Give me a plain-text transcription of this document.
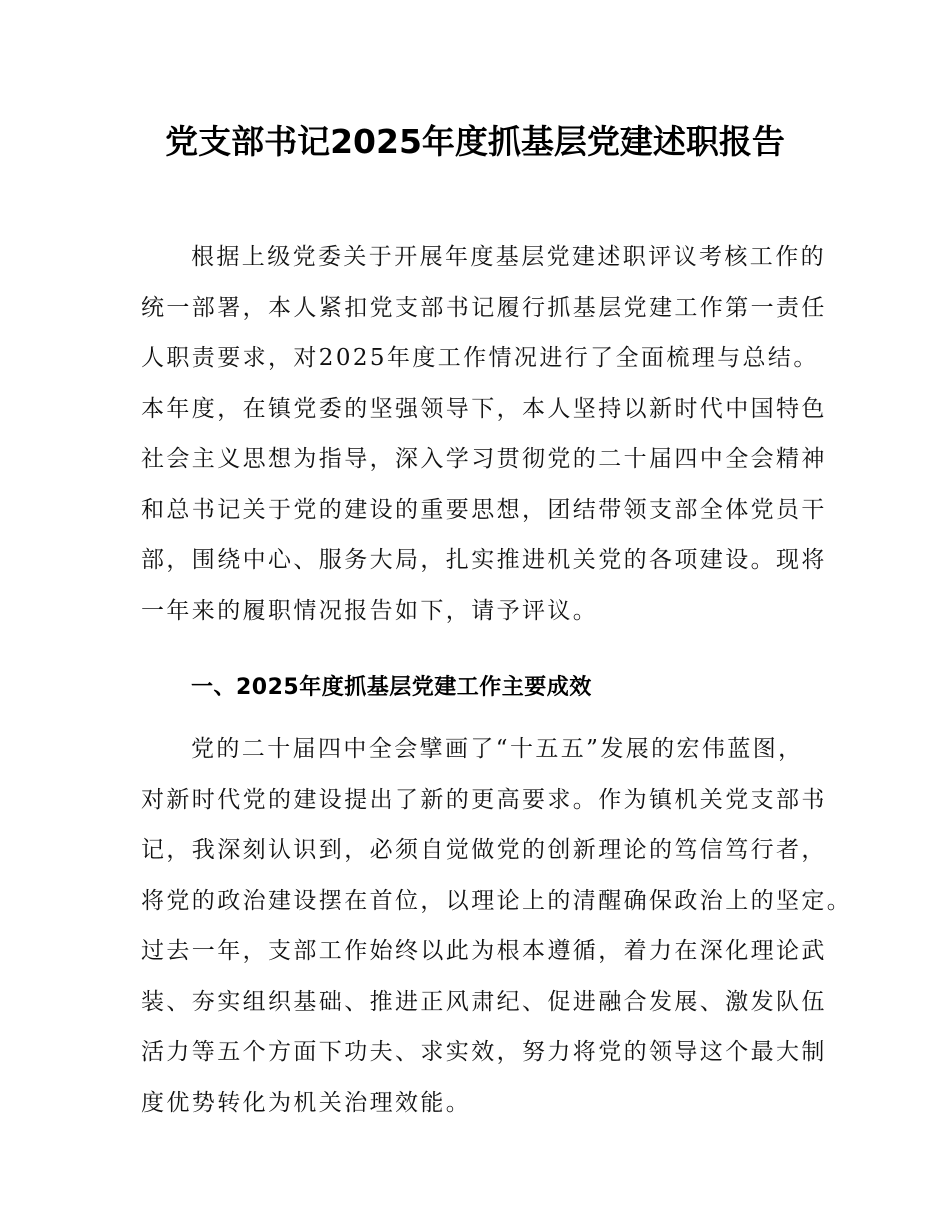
党支部书记2025年度抓基层党建述职报告
根据上级党委关于开展年度基层党建述职评议考核工作的
统一部署，本人紧扣党支部书记履行抓基层党建工作第一责任
人职责要求，对2025年度工作情况进行了全面梳理与总结。
本年度，在镇党委的坚强领导下，本人坚持以新时代中国特色
社会主义思想为指导，深入学习贯彻党的二十届四中全会精神
和总书记关于党的建设的重要思想，团结带领支部全体党员干
部，围绕中心、服务大局，扎实推进机关党的各项建设。现将
一年来的履职情况报告如下，请予评议。
一、2025年度抓基层党建工作主要成效
党的二十届四中全会擘画了“十五五”发展的宏伟蓝图，
对新时代党的建设提出了新的更高要求。作为镇机关党支部书
记，我深刻认识到，必须自觉做党的创新理论的笃信笃行者，
将党的政治建设摆在首位，以理论上的清醒确保政治上的坚定。
过去一年，支部工作始终以此为根本遵循，着力在深化理论武
装、夯实组织基础、推进正风肃纪、促进融合发展、激发队伍
活力等五个方面下功夫、求实效，努力将党的领导这个最大制
度优势转化为机关治理效能。
